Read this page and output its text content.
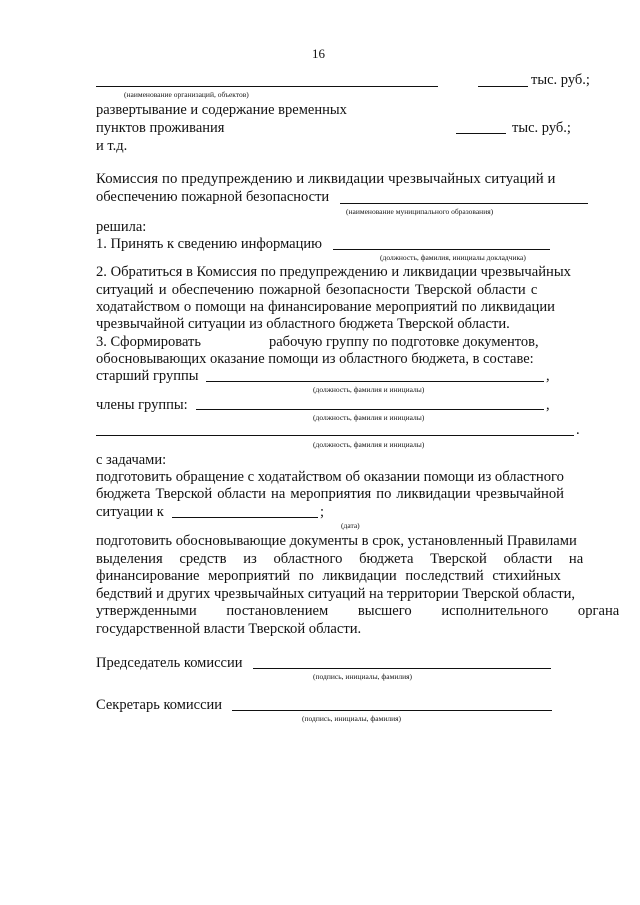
16
тыс. руб.;
(наименование организаций, объектов)
развертывание и содержание временных
пунктов проживания	тыс. руб.;
и т.д.
Комиссия по предупреждению и ликвидации чрезвычайных ситуаций и
обеспечению пожарной безопасности
(наименование муниципального образования)
решила:
1. Принять к сведению информацию
(должность, фамилия, инициалы докладчика)
2. Обратиться в Комиссия по предупреждению и ликвидации чрезвычайных
ситуаций и обеспечению пожарной безопасности Тверской области с
ходатайством о помощи на финансирование мероприятий по ликвидации
чрезвычайной ситуации из областного бюджета Тверской области.
3. Сформировать	рабочую группу по подготовке документов,
обосновывающих оказание помощи из областного бюджета, в составе:
старший группы	,
(должность, фамилия и инициалы)
члены группы:	,
(должность, фамилия и инициалы)
.
(должность, фамилия и инициалы)
с задачами:
подготовить обращение с ходатайством об оказании помощи из областного
бюджета Тверской области на мероприятия по ликвидации чрезвычайной
ситуации к	;
(дата)
подготовить обосновывающие документы в срок, установленный Правилами
выделения средств из областного бюджета Тверской области на
финансирование мероприятий по ликвидации последствий стихийных
бедствий и других чрезвычайных ситуаций на территории Тверской области,
утвержденными постановлением высшего исполнительного органа
государственной власти Тверской области.
Председатель комиссии
(подпись, инициалы, фамилия)
Секретарь комиссии
(подпись, инициалы, фамилия)
